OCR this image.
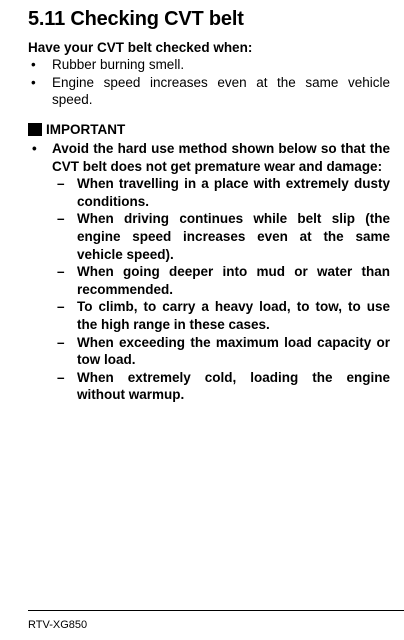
5.11 Checking CVT belt
Have your CVT belt checked when:
• Rubber burning smell.
• Engine speed increases even at the same vehicle speed.
IMPORTANT
• Avoid the hard use method shown below so that the CVT belt does not get premature wear and damage:
– When travelling in a place with extremely dusty conditions.
– When driving continues while belt slip (the engine speed increases even at the same vehicle speed).
– When going deeper into mud or water than recommended.
– To climb, to carry a heavy load, to tow, to use the high range in these cases.
– When exceeding the maximum load capacity or tow load.
– When extremely cold, loading the engine without warmup.
RTV-XG850
